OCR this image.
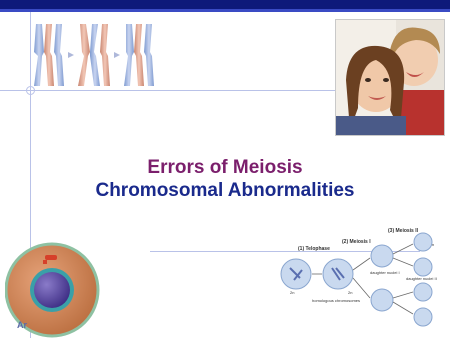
Errors of Meiosis
Chromosomal Abnormalities
Ar
(3) Meiosis II
(2) Meiosis I
(1) Telophase
2n	2n
homologous chromosomes
daughter nuclei I
daughter nuclei II
n
